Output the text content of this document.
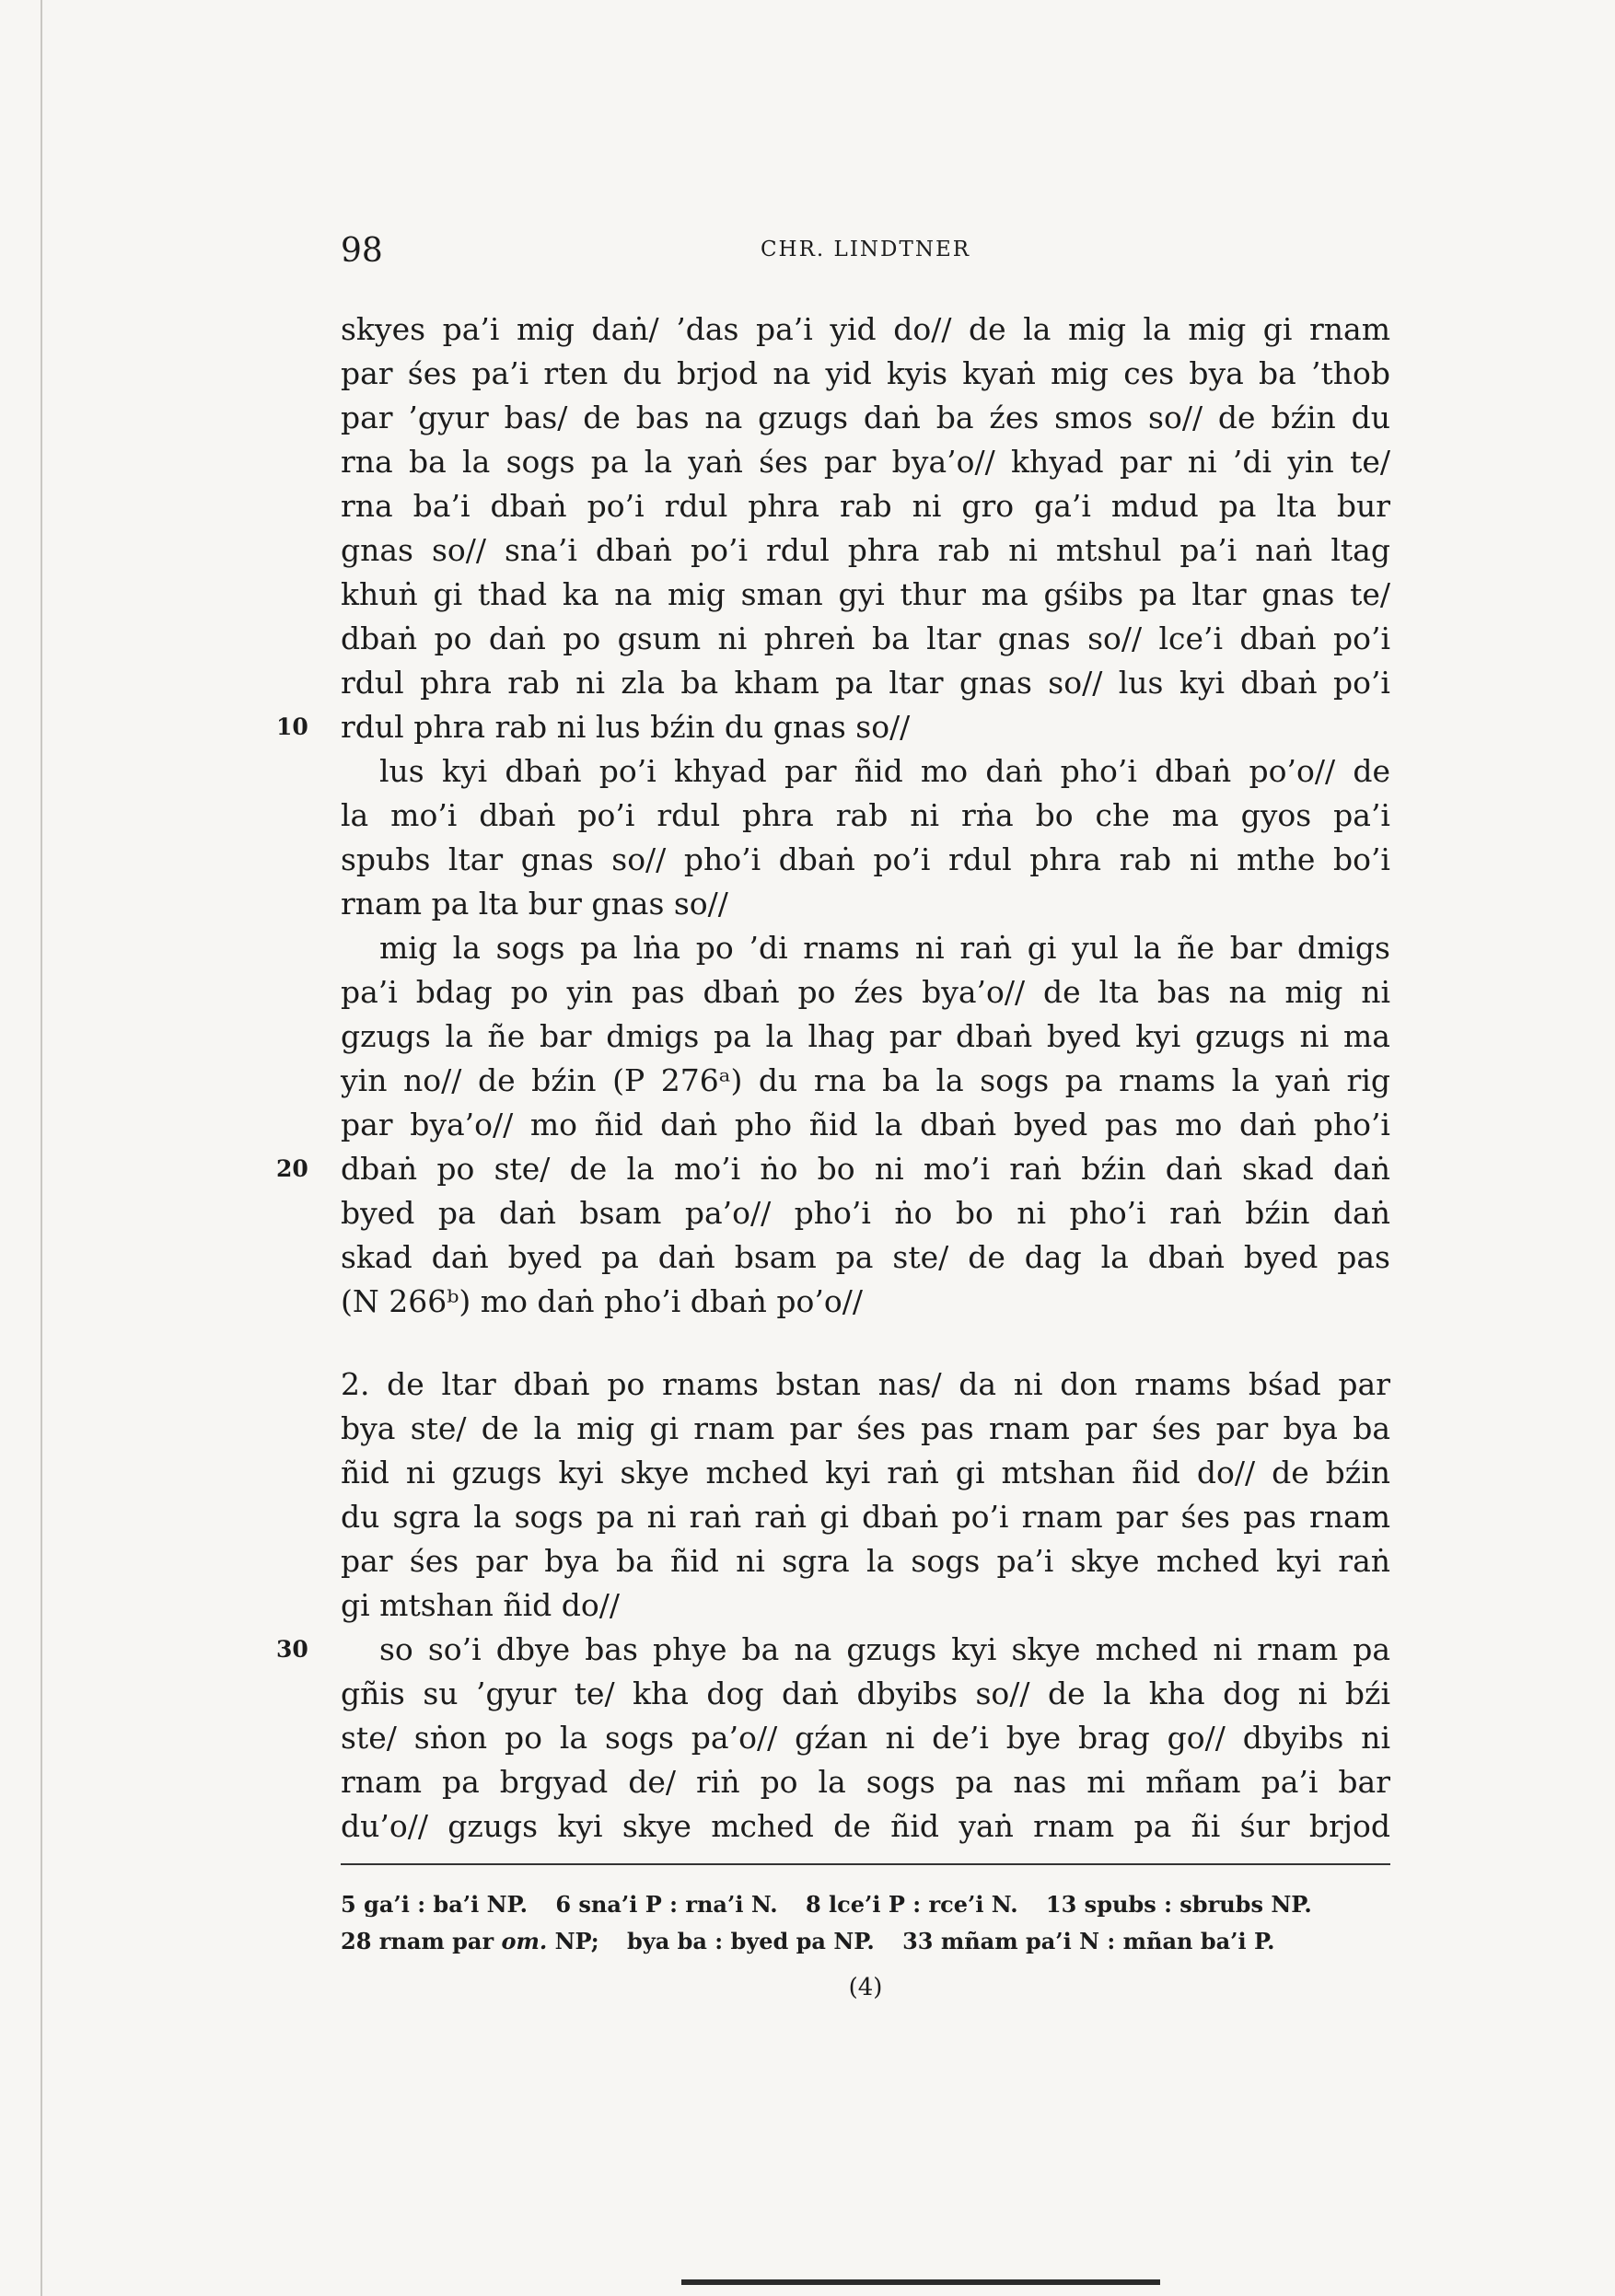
98	CHR. LINDTNER
skyes pa’i mig daṅ/ ’das pa’i yid do// de la mig la mig gi rnam
par śes pa’i rten du brjod na yid kyis kyaṅ mig ces bya ba ’thob
par ’gyur bas/ de bas na gzugs daṅ ba źes smos so// de bźin du
rna ba la sogs pa la yaṅ śes par bya’o// khyad par ni ’di yin te/
rna ba’i dbaṅ po’i rdul phra rab ni gro ga’i mdud pa lta bur
gnas so// sna’i dbaṅ po’i rdul phra rab ni mtshul pa’i naṅ ltag
khuṅ gi thad ka na mig sman gyi thur ma gśibs pa ltar gnas te/
dbaṅ po daṅ po gsum ni phreṅ ba ltar gnas so// lce’i dbaṅ po’i
rdul phra rab ni zla ba kham pa ltar gnas so// lus kyi dbaṅ po’i
rdul phra rab ni lus bźin du gnas so//
lus kyi dbaṅ po’i khyad par ñid mo daṅ pho’i dbaṅ po’o// de
la mo’i dbaṅ po’i rdul phra rab ni rṅa bo che ma gyos pa’i
spubs ltar gnas so// pho’i dbaṅ po’i rdul phra rab ni mthe bo’i
rnam pa lta bur gnas so//
mig la sogs pa lṅa po ’di rnams ni raṅ gi yul la ñe bar dmigs
pa’i bdag po yin pas dbaṅ po źes bya’o// de lta bas na mig ni
gzugs la ñe bar dmigs pa la lhag par dbaṅ byed kyi gzugs ni ma
yin no// de bźin (P 276ᵃ) du rna ba la sogs pa rnams la yaṅ rig
par bya’o// mo ñid daṅ pho ñid la dbaṅ byed pas mo daṅ pho’i
dbaṅ po ste/ de la mo’i ṅo bo ni mo’i raṅ bźin daṅ skad daṅ
byed pa daṅ bsam pa’o// pho’i ṅo bo ni pho’i raṅ bźin daṅ
skad daṅ byed pa daṅ bsam pa ste/ de dag la dbaṅ byed pas
(N 266ᵇ) mo daṅ pho’i dbaṅ po’o//
2. de ltar dbaṅ po rnams bstan nas/ da ni don rnams bśad par
bya ste/ de la mig gi rnam par śes pas rnam par śes par bya ba
ñid ni gzugs kyi skye mched kyi raṅ gi mtshan ñid do// de bźin
du sgra la sogs pa ni raṅ raṅ gi dbaṅ po’i rnam par śes pas rnam
par śes par bya ba ñid ni sgra la sogs pa’i skye mched kyi raṅ
gi mtshan ñid do//
so so’i dbye bas phye ba na gzugs kyi skye mched ni rnam pa
gñis su ’gyur te/ kha dog daṅ dbyibs so// de la kha dog ni bźi
ste/ sṅon po la sogs pa’o// gźan ni de’i bye brag go// dbyibs ni
rnam pa brgyad de/ riṅ po la sogs pa nas mi mñam pa’i bar
du’o// gzugs kyi skye mched de ñid yaṅ rnam pa ñi śur brjod
10
20
30
5 ga’i : ba’i NP. 6 sna’i P : rna’i N. 8 lce’i P : rce’i N. 13 spubs : sbrubs NP.
28 rnam par om. NP; bya ba : byed pa NP. 33 mñam pa’i N : mñan ba’i P.
(4)
